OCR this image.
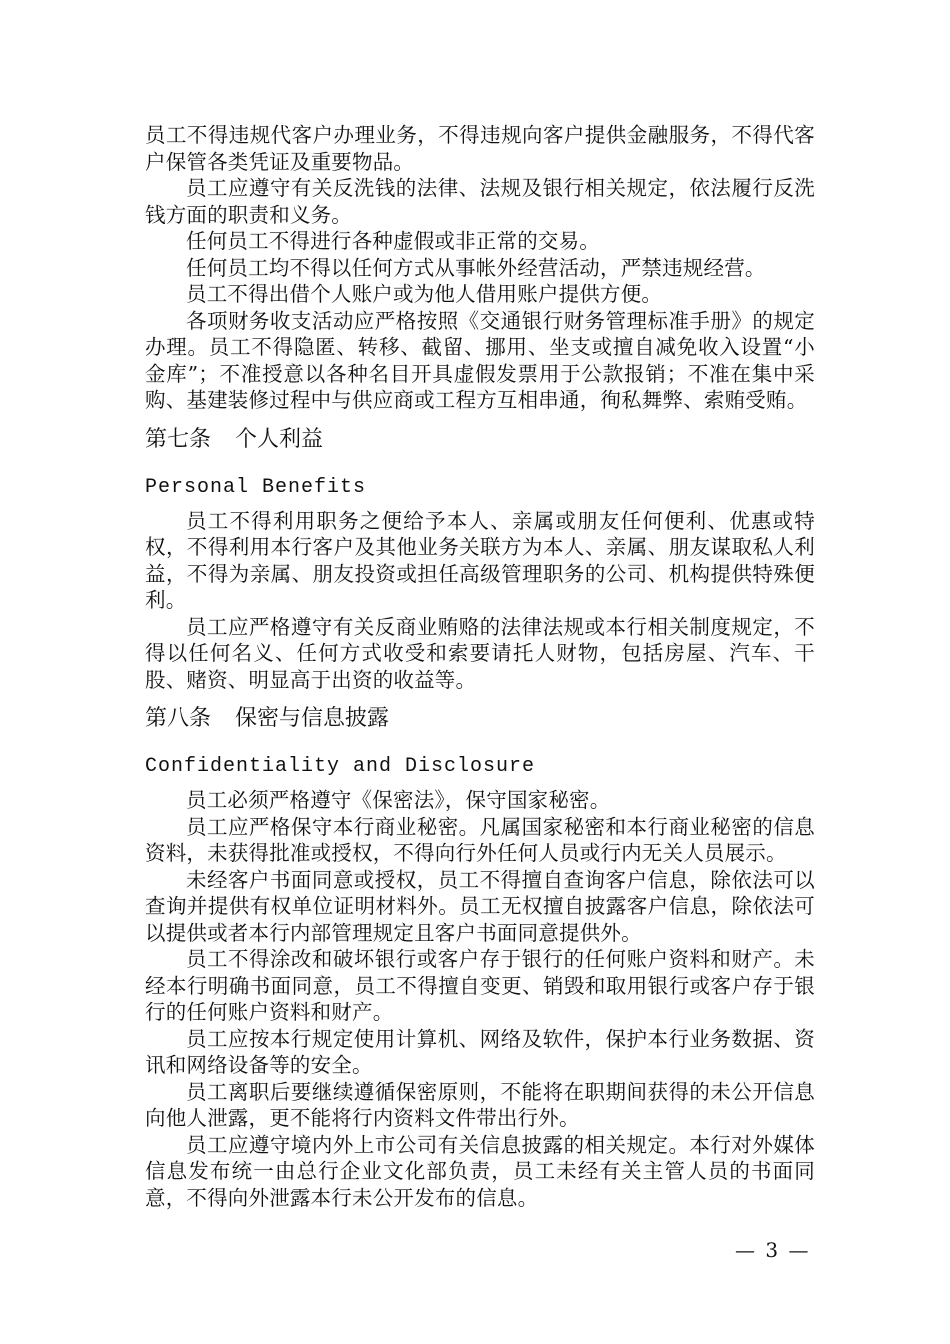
员工不得违规代客户办理业务，不得违规向客户提供金融服务，不得代客户保管各类凭证及重要物品。

员工应遵守有关反洗钱的法律、法规及银行相关规定，依法履行反洗钱方面的职责和义务。

任何员工不得进行各种虚假或非正常的交易。

任何员工均不得以任何方式从事帐外经营活动，严禁违规经营。

员工不得出借个人账户或为他人借用账户提供方便。

各项财务收支活动应严格按照《交通银行财务管理标准手册》的规定办理。员工不得隐匿、转移、截留、挪用、坐支或擅自减免收入设置“小金库”；不准授意以各种名目开具虚假发票用于公款报销；不准在集中采购、基建装修过程中与供应商或工程方互相串通，徇私舞弊、索贿受贿。

第七条 个人利益
Personal Benefits

员工不得利用职务之便给予本人、亲属或朋友任何便利、优惠或特权，不得利用本行客户及其他业务关联方为本人、亲属、朋友谋取私人利益，不得为亲属、朋友投资或担任高级管理职务的公司、机构提供特殊便利。

员工应严格遵守有关反商业贿赂的法律法规或本行相关制度规定，不得以任何名义、任何方式收受和索要请托人财物，包括房屋、汽车、干股、赌资、明显高于出资的收益等。

第八条 保密与信息披露
Confidentiality and Disclosure

员工必须严格遵守《保密法》，保守国家秘密。

员工应严格保守本行商业秘密。凡属国家秘密和本行商业秘密的信息资料，未获得批准或授权，不得向行外任何人员或行内无关人员展示。

未经客户书面同意或授权，员工不得擅自查询客户信息，除依法可以查询并提供有权单位证明材料外。员工无权擅自披露客户信息，除依法可以提供或者本行内部管理规定且客户书面同意提供外。

员工不得涂改和破坏银行或客户存于银行的任何账户资料和财产。未经本行明确书面同意，员工不得擅自变更、销毁和取用银行或客户存于银行的任何账户资料和财产。

员工应按本行规定使用计算机、网络及软件，保护本行业务数据、资讯和网络设备等的安全。

员工离职后要继续遵循保密原则，不能将在职期间获得的未公开信息向他人泄露，更不能将行内资料文件带出行外。

员工应遵守境内外上市公司有关信息披露的相关规定。本行对外媒体信息发布统一由总行企业文化部负责，员工未经有关主管人员的书面同意，不得向外泄露本行未公开发布的信息。

— 3 —
